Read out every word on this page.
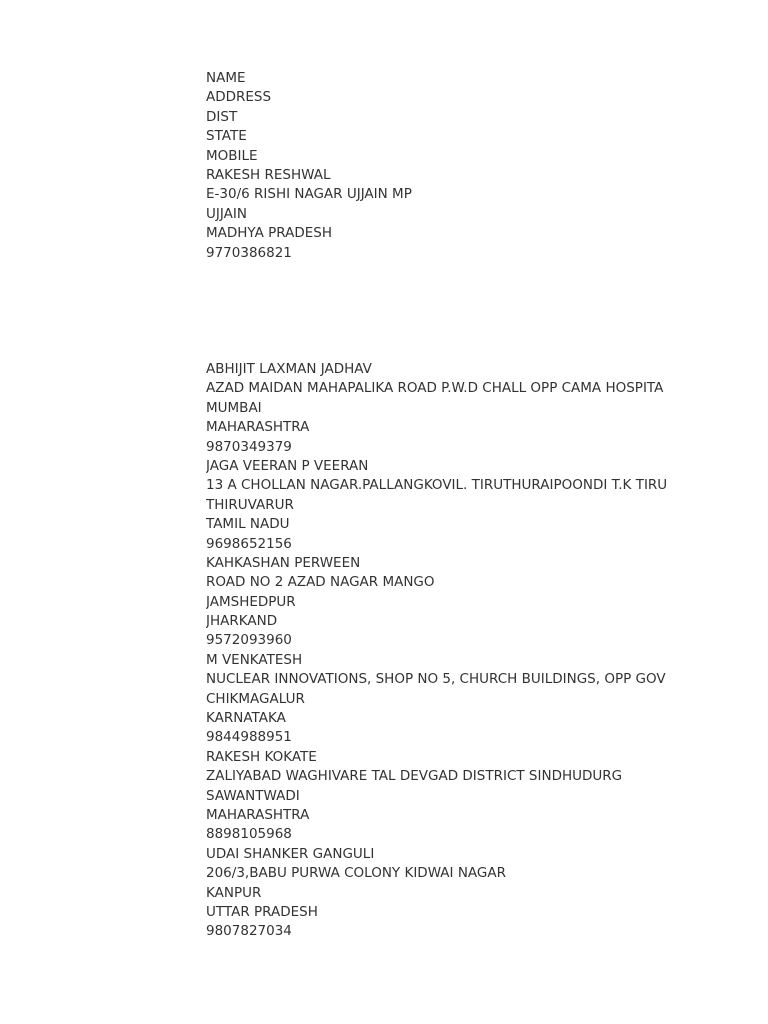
NAME
ADDRESS
DIST
STATE
MOBILE
RAKESH RESHWAL
E-30/6 RISHI NAGAR UJJAIN MP
UJJAIN
MADHYA PRADESH
9770386821
ABHIJIT LAXMAN JADHAV
AZAD MAIDAN MAHAPALIKA ROAD P.W.D CHALL OPP CAMA HOSPITA
MUMBAI
MAHARASHTRA
9870349379
JAGA VEERAN P VEERAN
13 A CHOLLAN NAGAR.PALLANGKOVIL. TIRUTHURAIPOONDI T.K TIRU
THIRUVARUR
TAMIL NADU
9698652156
KAHKASHAN PERWEEN
ROAD NO 2 AZAD NAGAR MANGO
JAMSHEDPUR
JHARKAND
9572093960
M VENKATESH
NUCLEAR INNOVATIONS, SHOP NO 5, CHURCH BUILDINGS, OPP GOV
CHIKMAGALUR
KARNATAKA
9844988951
RAKESH KOKATE
ZALIYABAD WAGHIVARE TAL DEVGAD DISTRICT SINDHUDURG
SAWANTWADI
MAHARASHTRA
8898105968
UDAI SHANKER GANGULI
206/3,BABU PURWA COLONY KIDWAI NAGAR
KANPUR
UTTAR PRADESH
9807827034
